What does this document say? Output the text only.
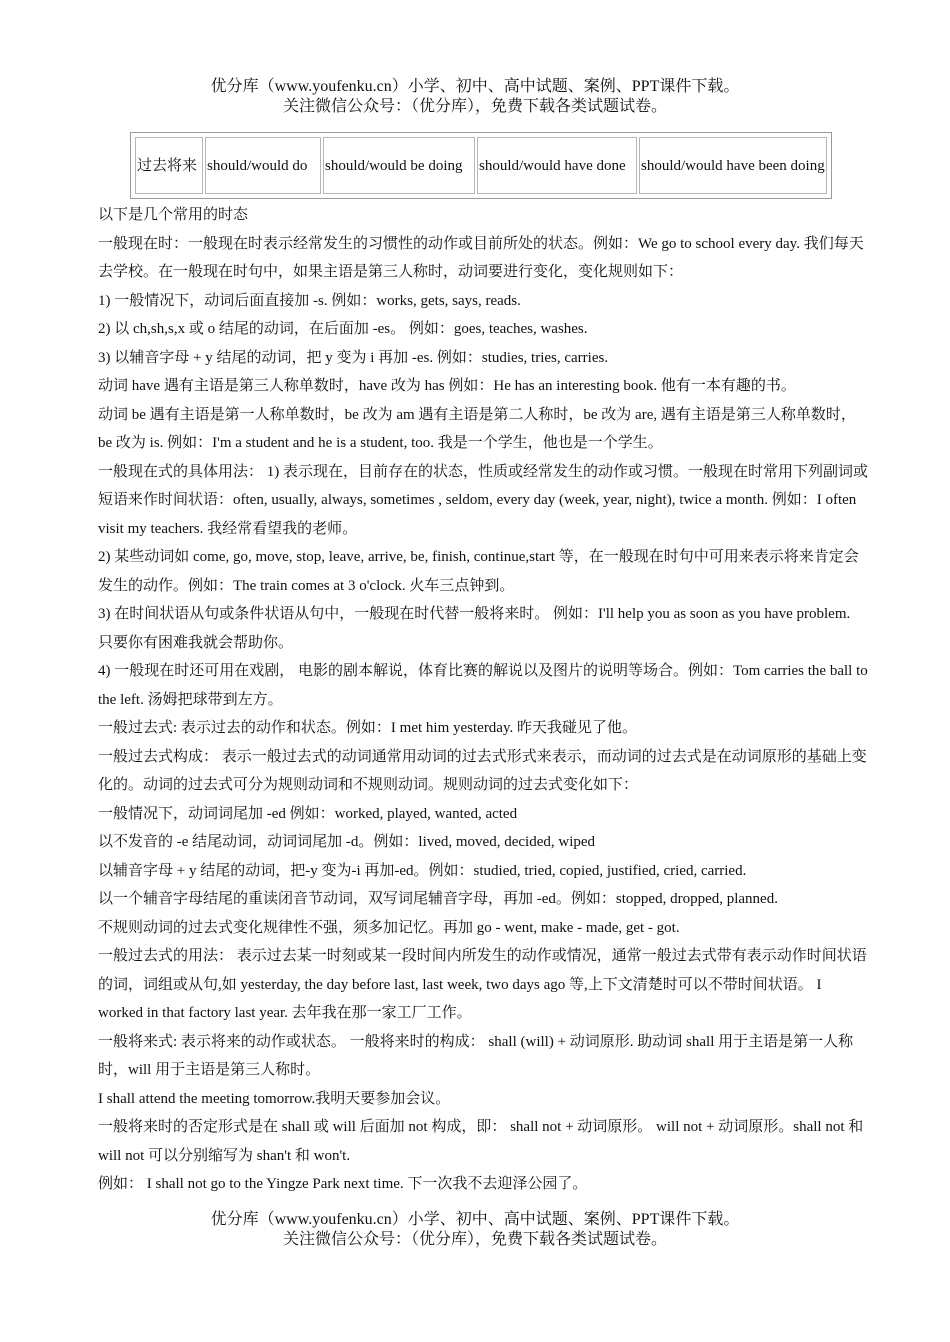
优分库（www.youfenku.cn）小学、初中、高中试题、案例、PPT课件下载。
关注微信公众号：（优分库），免费下载各类试题试卷。
过去将来	should/would do	should/would be doing	should/would have done	should/would have been doing

以下是几个常用的时态

一般现在时：一般现在时表示经常发生的习惯性的动作或目前所处的状态。例如：We go to school every day. 我们每天去学校。在一般现在时句中，如果主语是第三人称时，动词要进行变化，变化规则如下：

1) 一般情况下，动词后面直接加 -s. 例如：works, gets, says, reads.

2) 以 ch,sh,s,x 或 o 结尾的动词，在后面加 -es。 例如：goes, teaches, washes.

3) 以辅音字母 + y 结尾的动词，把 y 变为 i 再加 -es. 例如：studies, tries, carries.

动词 have 遇有主语是第三人称单数时，have 改为 has 例如：He has an interesting book. 他有一本有趣的书。

动词 be 遇有主语是第一人称单数时，be 改为 am 遇有主语是第二人称时，be 改为 are, 遇有主语是第三人称单数时，be 改为 is. 例如：I'm a student and he is a student, too. 我是一个学生，他也是一个学生。

一般现在式的具体用法： 1) 表示现在，目前存在的状态，性质或经常发生的动作或习惯。一般现在时常用下列副词或短语来作时间状语：often, usually, always, sometimes , seldom, every day (week, year, night), twice a month. 例如：I often visit my teachers. 我经常看望我的老师。

2) 某些动词如 come, go, move, stop, leave, arrive, be, finish, continue,start 等，在一般现在时句中可用来表示将来肯定会发生的动作。例如：The train comes at 3 o'clock. 火车三点钟到。

3) 在时间状语从句或条件状语从句中，一般现在时代替一般将来时。 例如：I'll help you as soon as you have problem. 只要你有困难我就会帮助你。

4) 一般现在时还可用在戏剧， 电影的剧本解说，体育比赛的解说以及图片的说明等场合。例如：Tom carries the ball to the left. 汤姆把球带到左方。

一般过去式: 表示过去的动作和状态。例如：I met him yesterday. 昨天我碰见了他。

一般过去式构成： 表示一般过去式的动词通常用动词的过去式形式来表示，而动词的过去式是在动词原形的基础上变化的。动词的过去式可分为规则动词和不规则动词。规则动词的过去式变化如下：

一般情况下，动词词尾加 -ed 例如：worked, played, wanted, acted

以不发音的 -e 结尾动词，动词词尾加 -d。例如：lived, moved, decided, wiped

以辅音字母 + y 结尾的动词，把-y 变为-i 再加-ed。例如：studied, tried, copied, justified, cried, carried.

以一个辅音字母结尾的重读闭音节动词，双写词尾辅音字母，再加 -ed。例如：stopped, dropped, planned.

不规则动词的过去式变化规律性不强，须多加记忆。再加 go - went, make - made, get - got.

一般过去式的用法： 表示过去某一时刻或某一段时间内所发生的动作或情况，通常一般过去式带有表示动作时间状语的词，词组或从句,如 yesterday, the day before last, last week, two days ago 等,上下文清楚时可以不带时间状语。 I worked in that factory last year. 去年我在那一家工厂工作。

一般将来式: 表示将来的动作或状态。 一般将来时的构成： shall (will) + 动词原形. 助动词 shall 用于主语是第一人称时，will 用于主语是第三人称时。

I shall attend the meeting tomorrow.我明天要参加会议。

一般将来时的否定形式是在 shall 或 will 后面加 not 构成，即： shall not + 动词原形。 will not + 动词原形。shall not 和 will not 可以分别缩写为 shan't 和 won't.

例如： I shall not go to the Yingze Park next time. 下一次我不去迎泽公园了。

优分库（www.youfenku.cn）小学、初中、高中试题、案例、PPT课件下载。
关注微信公众号：（优分库），免费下载各类试题试卷。
